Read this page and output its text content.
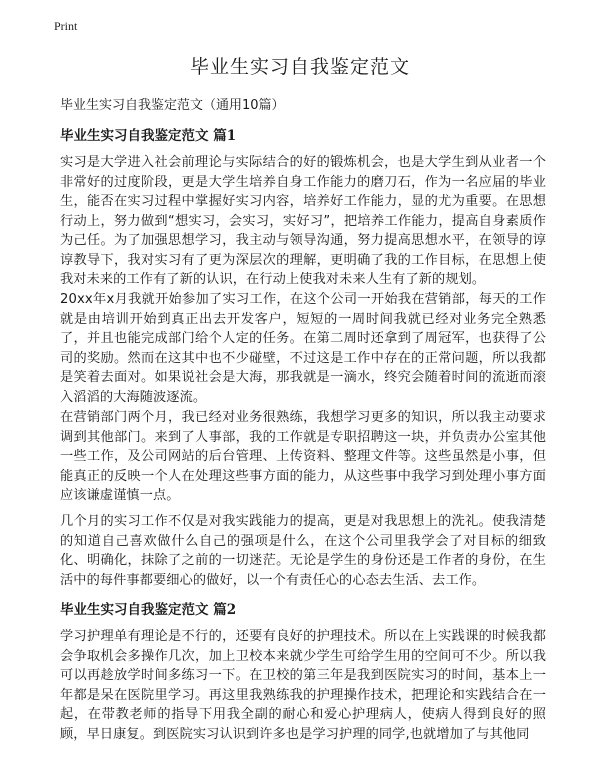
Print
毕业生实习自我鉴定范文

毕业生实习自我鉴定范文（通用10篇）

毕业生实习自我鉴定范文 篇1

实习是大学进入社会前理论与实际结合的好的锻炼机会，也是大学生到从业者一个非常好的过度阶段，更是大学生培养自身工作能力的磨刀石，作为一名应届的毕业生，能否在实习过程中掌握好实习内容，培养好工作能力，显的尤为重要。在思想行动上，努力做到“想实习，会实习，实好习”，把培养工作能力，提高自身素质作为己任。为了加强思想学习，我主动与领导沟通，努力提高思想水平，在领导的谆谆教导下，我对实习有了更为深层次的理解，更明确了我的工作目标，在思想上使我对未来的工作有了新的认识，在行动上使我对未来人生有了新的规划。

20xx年x月我就开始参加了实习工作，在这个公司一开始我在营销部，每天的工作就是由培训开始到真正出去开发客户，短短的一周时间我就已经对业务完全熟悉了，并且也能完成部门给个人定的任务。在第二周时还拿到了周冠军，也获得了公司的奖励。然而在这其中也不少碰壁，不过这是工作中存在的正常问题，所以我都是笑着去面对。如果说社会是大海，那我就是一滴水，终究会随着时间的流逝而滚入滔滔的大海随波逐流。

在营销部门两个月，我已经对业务很熟练，我想学习更多的知识，所以我主动要求调到其他部门。来到了人事部，我的工作就是专职招聘这一块，并负责办公室其他一些工作，及公司网站的后台管理、上传资料、整理文件等。这些虽然是小事，但能真正的反映一个人在处理这些事方面的能力，从这些事中我学习到处理小事方面应该谦虚谨慎一点。

几个月的实习工作不仅是对我实践能力的提高，更是对我思想上的洗礼。使我清楚的知道自己喜欢做什么自己的强项是什么，在这个公司里我学会了对目标的细致化、明确化，抹除了之前的一切迷茫。无论是学生的身份还是工作者的身份，在生活中的每件事都要细心的做好，以一个有责任心的心态去生活、去工作。

毕业生实习自我鉴定范文 篇2

学习护理单有理论是不行的，还要有良好的护理技术。所以在上实践课的时候我都会争取机会多操作几次，加上卫校本来就少学生可给学生用的空间可不少。所以我可以再趁放学时间多练习一下。在卫校的第三年是我到医院实习的时间，基本上一年都是呆在医院里学习。再这里我熟练我的护理操作技术，把理论和实践结合在一起，在带教老师的指导下用我全副的耐心和爱心护理病人，使病人得到良好的照顾，早日康复。到医院实习认识到许多也是学习护理的同学,也就增加了与其他同
